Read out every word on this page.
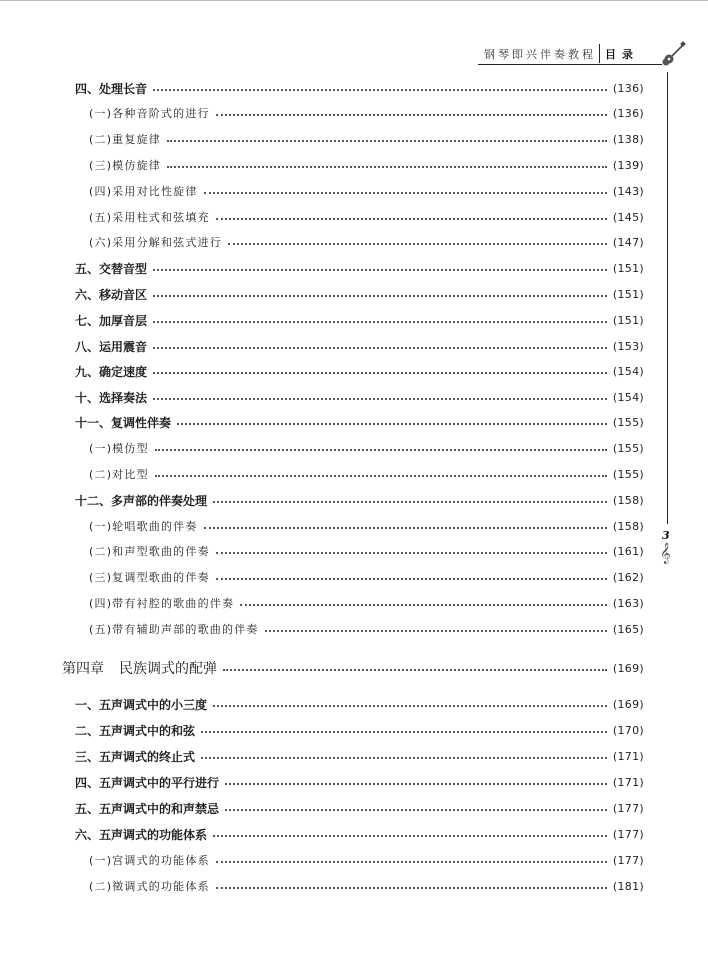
钢琴即兴伴奏教程 目录
3
𝄞
四、处理长音	(136)
(一)各种音阶式的进行	(136)
(二)重复旋律	(138)
(三)模仿旋律	(139)
(四)采用对比性旋律	(143)
(五)采用柱式和弦填充	(145)
(六)采用分解和弦式进行	(147)
五、交替音型	(151)
六、移动音区	(151)
七、加厚音层	(151)
八、运用震音	(153)
九、确定速度	(154)
十、选择奏法	(154)
十一、复调性伴奏	(155)
(一)模仿型	(155)
(二)对比型	(155)
十二、多声部的伴奏处理	(158)
(一)轮唱歌曲的伴奏	(158)
(二)和声型歌曲的伴奏	(161)
(三)复调型歌曲的伴奏	(162)
(四)带有衬腔的歌曲的伴奏	(163)
(五)带有辅助声部的歌曲的伴奏	(165)
第四章 民族调式的配弹	(169)
一、五声调式中的小三度	(169)
二、五声调式中的和弦	(170)
三、五声调式的终止式	(171)
四、五声调式中的平行进行	(171)
五、五声调式中的和声禁忌	(177)
六、五声调式的功能体系	(177)
(一)宫调式的功能体系	(177)
(二)徵调式的功能体系	(181)
